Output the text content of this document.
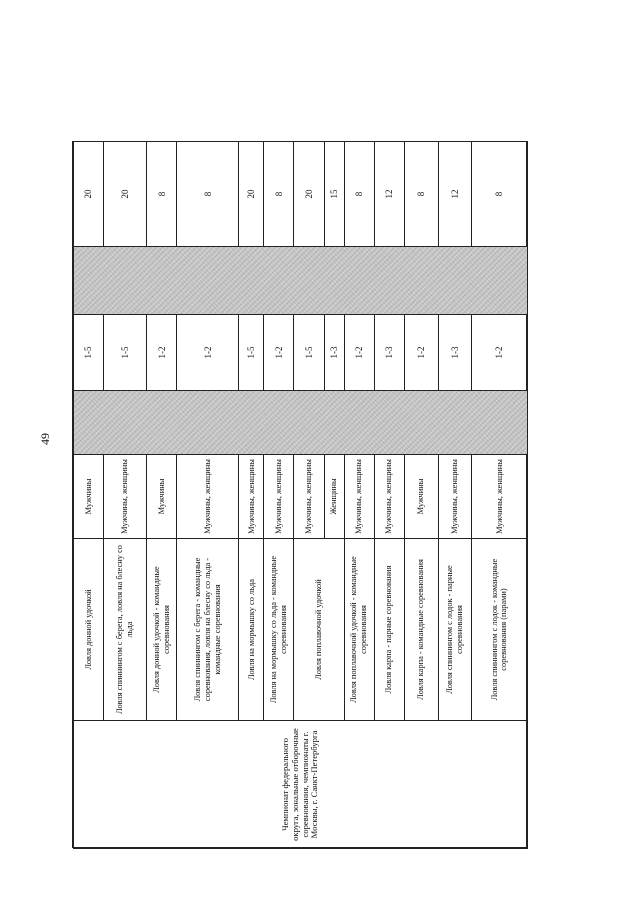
49
Чемпионат федерального округа, зональные отборочные соревнования, чемпионаты г. Москвы, г. Санкт-Петербурга	Ловля донной удочкой	Мужчины		1-5		20
	Ловля спиннингом с берега, ловля на блесну со льда	Мужчины, женщины		1-5		20
	Ловля донной удочкой - командные соревнования	Мужчины		1-2		8
	Ловля спиннингом с берега - командные соревнования, ловля на блесну со льда - командные соревнования	Мужчины, женщины		1-2		8
	Ловля на мормышку со льда	Мужчины, женщины		1-5		20
	Ловля на мормышку со льда - командные соревнования	Мужчины, женщины		1-2		8
	Ловля поплавочной удочкой	Мужчины, женщины		1-5		20
		Женщины		1-3		15
	Ловля поплавочной удочкой - командные соревнования	Мужчины, женщины		1-2		8
	Ловля карпа - парные соревнования	Мужчины, женщины		1-3		12
	Ловля карпа - командные соревнования	Мужчины		1-2		8
	Ловля спиннингом с лодок - парные соревнования	Мужчины, женщины		1-3		12
	Ловля спиннингом с лодок - командные соревнования (парами)	Мужчины, женщины		1-2		8
